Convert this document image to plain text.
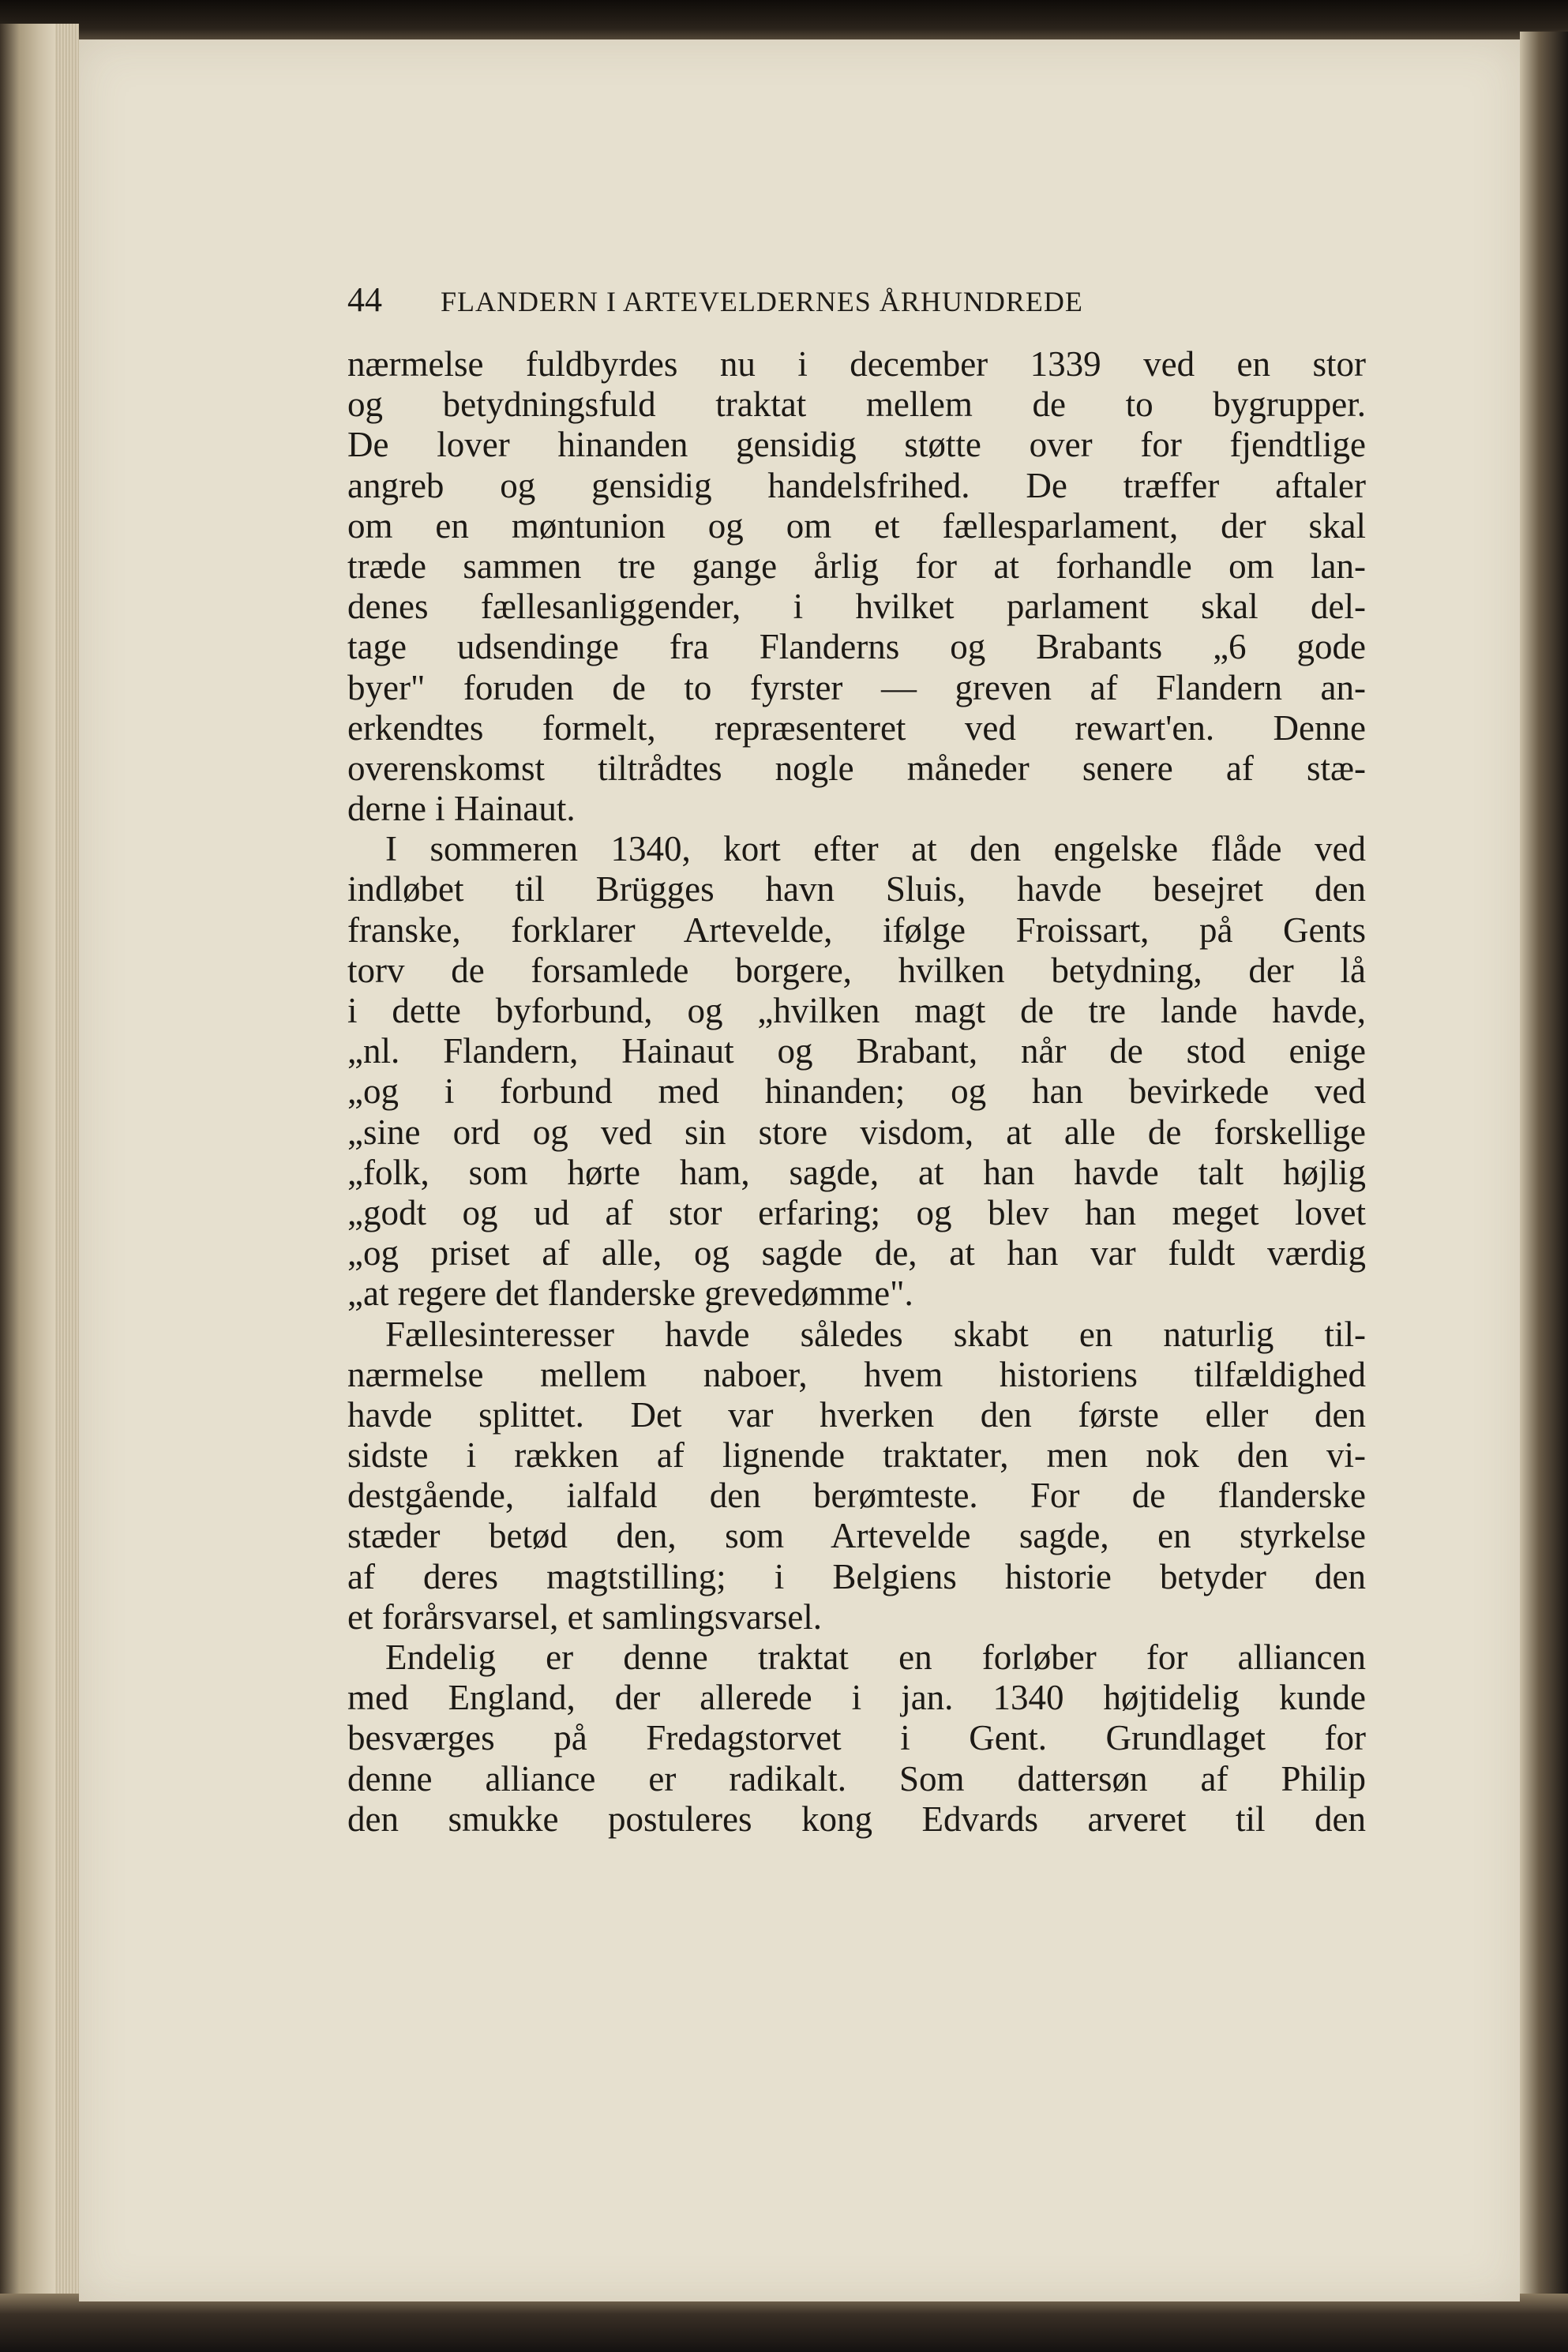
44 FLANDERN I ARTEVELDERNES ÅRHUNDREDE
nærmelse fuldbyrdes nu i december 1339 ved en stor
og betydningsfuld traktat mellem de to bygrupper.
De lover hinanden gensidig støtte over for fjendtlige
angreb og gensidig handelsfrihed. De træffer aftaler
om en møntunion og om et fællesparlament, der skal
træde sammen tre gange årlig for at forhandle om lan-
denes fællesanliggender, i hvilket parlament skal del-
tage udsendinge fra Flanderns og Brabants „6 gode
byer" foruden de to fyrster — greven af Flandern an-
erkendtes formelt, repræsenteret ved rewart'en. Denne
overenskomst tiltrådtes nogle måneder senere af stæ-
derne i Hainaut.
I sommeren 1340, kort efter at den engelske flåde ved
indløbet til Brügges havn Sluis, havde besejret den
franske, forklarer Artevelde, ifølge Froissart, på Gents
torv de forsamlede borgere, hvilken betydning, der lå
i dette byforbund, og „hvilken magt de tre lande havde,
„nl. Flandern, Hainaut og Brabant, når de stod enige
„og i forbund med hinanden; og han bevirkede ved
„sine ord og ved sin store visdom, at alle de forskellige
„folk, som hørte ham, sagde, at han havde talt højlig
„godt og ud af stor erfaring; og blev han meget lovet
„og priset af alle, og sagde de, at han var fuldt værdig
„at regere det flanderske grevedømme".
Fællesinteresser havde således skabt en naturlig til-
nærmelse mellem naboer, hvem historiens tilfældighed
havde splittet. Det var hverken den første eller den
sidste i rækken af lignende traktater, men nok den vi-
destgående, ialfald den berømteste. For de flanderske
stæder betød den, som Artevelde sagde, en styrkelse
af deres magtstilling; i Belgiens historie betyder den
et forårsvarsel, et samlingsvarsel.
Endelig er denne traktat en forløber for alliancen
med England, der allerede i jan. 1340 højtidelig kunde
besværges på Fredagstorvet i Gent. Grundlaget for
denne alliance er radikalt. Som dattersøn af Philip
den smukke postuleres kong Edvards arveret til den
